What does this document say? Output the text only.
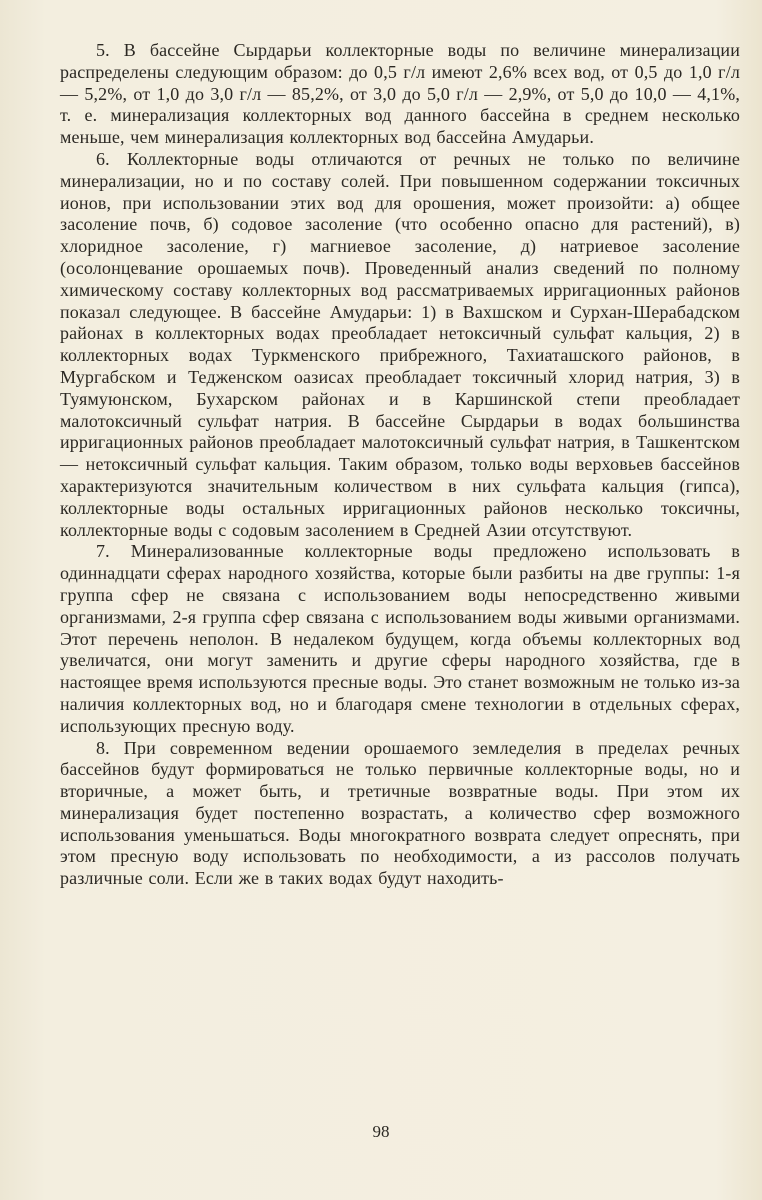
5. В бассейне Сырдарьи коллекторные воды по величине минерализации распределены следующим образом: до 0,5 г/л имеют 2,6% всех вод, от 0,5 до 1,0 г/л — 5,2%, от 1,0 до 3,0 г/л — 85,2%, от 3,0 до 5,0 г/л — 2,9%, от 5,0 до 10,0 — 4,1%, т. е. минерализация коллекторных вод данного бассейна в среднем несколько меньше, чем минерализация коллекторных вод бассейна Амударьи.

6. Коллекторные воды отличаются от речных не только по величине минерализации, но и по составу солей. При повышенном содержании токсичных ионов, при использовании этих вод для орошения, может произойти: а) общее засоление почв, б) содовое засоление (что особенно опасно для растений), в) хлоридное засоление, г) магниевое засоление, д) натриевое засоление (осолонцевание орошаемых почв). Проведенный анализ сведений по полному химическому составу коллекторных вод рассматриваемых ирригационных районов показал следующее. В бассейне Амударьи: 1) в Вахшском и Сурхан-Шерабадском районах в коллекторных водах преобладает нетоксичный сульфат кальция, 2) в коллекторных водах Туркменского прибрежного, Тахиаташского районов, в Мургабском и Тедженском оазисах преобладает токсичный хлорид натрия, 3) в Туямуюнском, Бухарском районах и в Каршинской степи преобладает малотоксичный сульфат натрия. В бассейне Сырдарьи в водах большинства ирригационных районов преобладает малотоксичный сульфат натрия, в Ташкентском — нетоксичный сульфат кальция. Таким образом, только воды верховьев бассейнов характеризуются значительным количеством в них сульфата кальция (гипса), коллекторные воды остальных ирригационных районов несколько токсичны, коллекторные воды с содовым засолением в Средней Азии отсутствуют.

7. Минерализованные коллекторные воды предложено использовать в одиннадцати сферах народного хозяйства, которые были разбиты на две группы: 1-я группа сфер не связана с использованием воды непосредственно живыми организмами, 2-я группа сфер связана с использованием воды живыми организмами. Этот перечень неполон. В недалеком будущем, когда объемы коллекторных вод увеличатся, они могут заменить и другие сферы народного хозяйства, где в настоящее время используются пресные воды. Это станет возможным не только из-за наличия коллекторных вод, но и благодаря смене технологии в отдельных сферах, использующих пресную воду.

8. При современном ведении орошаемого земледелия в пределах речных бассейнов будут формироваться не только первичные коллекторные воды, но и вторичные, а может быть, и третичные возвратные воды. При этом их минерализация будет постепенно возрастать, а количество сфер возможного использования уменьшаться. Воды многократного возврата следует опреснять, при этом пресную воду использовать по необходимости, а из рассолов получать различные соли. Если же в таких водах будут находить-

98
